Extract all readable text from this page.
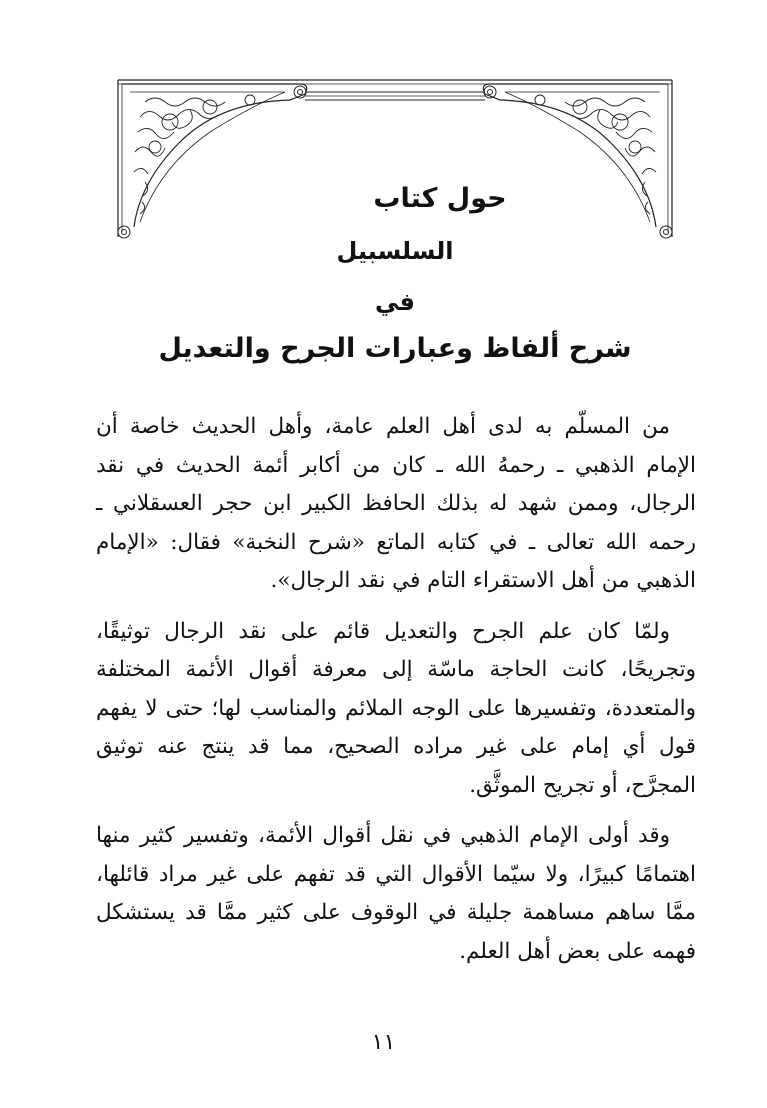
حول كتاب
السلسبيل
في
شرح ألفاظ وعبارات الجرح والتعديل

من المسلّم به لدى أهل العلم عامة، وأهل الحديث خاصة أن الإمام الذهبي ـ رحمهُ الله ـ كان من أكابر أئمة الحديث في نقد الرجال، وممن شهد له بذلك الحافظ الكبير ابن حجر العسقلاني ـ رحمه الله تعالى ـ في كتابه الماتع «شرح النخبة» فقال: «الإمام الذهبي من أهل الاستقراء التام في نقد الرجال».

ولمّا كان علم الجرح والتعديل قائم على نقد الرجال توثيقًا، وتجريحًا، كانت الحاجة ماسّة إلى معرفة أقوال الأئمة المختلفة والمتعددة، وتفسيرها على الوجه الملائم والمناسب لها؛ حتى لا يفهم قول أي إمام على غير مراده الصحيح، مما قد ينتج عنه توثيق المجرَّح، أو تجريح الموثَّق.

وقد أولى الإمام الذهبي في نقل أقوال الأئمة، وتفسير كثير منها اهتمامًا كبيرًا، ولا سيّما الأقوال التي قد تفهم على غير مراد قائلها، ممَّا ساهم مساهمة جليلة في الوقوف على كثير ممَّا قد يستشكل فهمه على بعض أهل العلم.

١١
